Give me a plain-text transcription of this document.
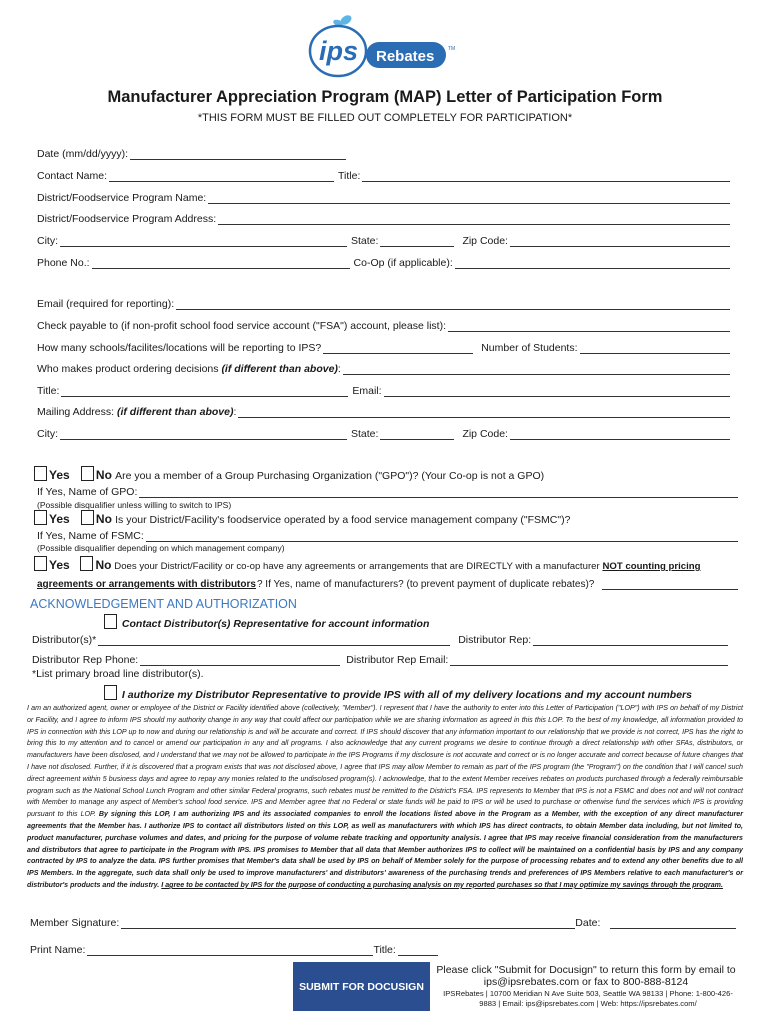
ips Rebates	TM
Manufacturer Appreciation Program (MAP) Letter of Participation Form
*THIS FORM MUST BE FILLED OUT COMPLETELY FOR PARTICIPATION*
Date (mm/dd/yyyy):
Contact Name:	Title:
District/Foodservice Program Name:
District/Foodservice Program Address:
City:	State:	Zip Code:
Phone No.:	Co-Op (if applicable):
Email (required for reporting):
Check payable to (if non-profit school food service account ("FSA") account, please list):
How many schools/facilites/locations will be reporting to IPS?	Number of Students:
Who makes product ordering decisions (if different than above):
Title:	Email:
Mailing Address: (if different than above):
City:	State:	Zip Code:
Yes No Are you a member of a Group Purchasing Organization ("GPO")? (Your Co-op is not a GPO)
If Yes, Name of GPO:
(Possible disqualifier unless willing to switch to IPS)
Yes No Is your District/Facility's foodservice operated by a food service management company ("FSMC")?
If Yes, Name of FSMC:
(Possible disqualifier depending on which management company)
Yes No Does your District/Facility or co-op have any agreements or arrangements that are DIRECTLY with a manufacturer NOT counting pricing
agreements or arrangements with distributors ? If Yes, name of manufacturers? (to prevent payment of duplicate rebates)?
ACKNOWLEDGEMENT AND AUTHORIZATION
Contact Distributor(s) Representative for account information
Distributor(s)*	Distributor Rep:
Distributor Rep Phone:	Distributor Rep Email:
*List primary broad line distributor(s).
I authorize my Distributor Representative to provide IPS with all of my delivery locations and my account numbers
I am an authorized agent, owner or employee of the District or Facility identified above (collectively, "Member"). I represent that I have the authority to enter into this Letter of Participation ("LOP") with IPS on behalf of my District or Facility, and I agree to inform IPS should my authority change in any way that could affect our participation while we are sharing information as agreed in this this LOP. To the best of my knowledge, all information provided to IPS in connection with this LOP up to now and during our relationship is and will be accurate and correct. If IPS should discover that any information important to our relationship that we provide is not correct, IPS has the right to bring this to my attention and to cancel or amend our participation in any and all programs. I also acknowledge that any current programs we desire to continue through a direct relationship with other SFAs, distributors, or manufacturers have been disclosed, and I understand that we may not be allowed to participate in the IPS Programs if my disclosure is not accurate and correct or is no longer accurate and correct because of future changes that I have not disclosed. Further, if it is discovered that a program exists that was not disclosed above, I agree that IPS may allow Member to remain as part of the IPS program (the "Program") on the condition that I will cancel such direct agreement within 5 business days and agree to repay any monies related to the undisclosed program(s). I acknowledge, that to the extent Member receives rebates on products purchased through a federally reimbursable program such as the National School Lunch Program and other similar Federal programs, such rebates must be remitted to the District's FSA. IPS represents to Member that IPS is not a FSMC and does not and will not contract with Member to manage any aspect of Member's school food service. IPS and Member agree that no Federal or state funds will be paid to IPS or will be used to purchase or otherwise fund the services which IPS is providing pursuant to this LOP. By signing this LOP, I am authorizing IPS and its associated companies to enroll the locations listed above in the Program as a Member, with the exception of any direct manufacturer agreements that the Member has. I authorize IPS to contact all distributors listed on this LOP, as well as manufacturers with which IPS has direct contracts, to obtain Member data including, but not limited to, product manufacturer, purchase volumes and dates, and pricing for the purpose of volume rebate tracking and opportunity analysis. I agree that IPS may receive financial consideration from the manufacturers and distributors that agree to participate in the Program with IPS. IPS promises to Member that all data that Member authorizes IPS to collect will be maintained on a confidential basis by IPS and any company contracted by IPS to analyze the data. IPS further promises that Member's data shall be used by IPS on behalf of Member solely for the purpose of processing rebates and to extend any other benefits due to all IPS Members. In the aggregate, such data shall only be used to improve manufacturers' and distributors' awareness of the purchasing trends and preferences of IPS Members relative to each manufacturer's or distributor's products and the industry. I agree to be contacted by IPS for the purpose of conducting a purchasing analysis on my reported purchases so that I may optimize my savings through the program.
Member Signature:	Date:
Print Name:	Title:
SUBMIT FOR DOCUSIGN
Please click "Submit for Docusign" to return this form by email to ips@ipsrebates.com or fax to 800-888-8124
IPSRebates | 10700 Meridian N Ave Suite 503, Seattle WA 98133 | Phone: 1-800-426-9883 | Email: ips@ipsrebates.com | Web: https://ipsrebates.com/
